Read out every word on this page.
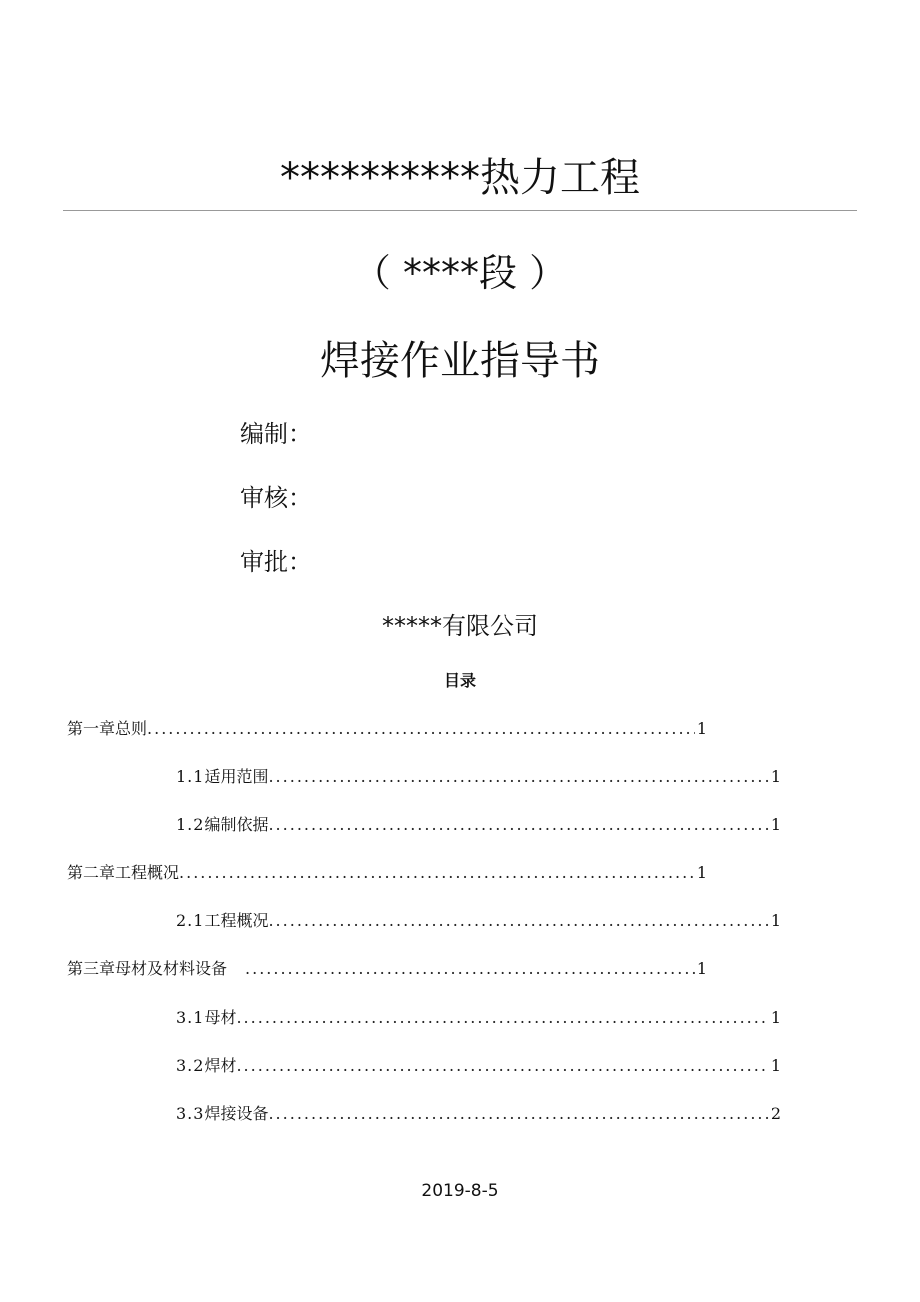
**********热力工程
（ ****段 ）
焊接作业指导书
编制：
审核：
审批：
*****有限公司
目录
第一章总则 .....	1
1.1 适用范围 .....	1
1.2 编制依据 .....	1
第二章工程概况 .....	1
2.1 工程概况 .....	1
第三章母材及材料设备 .....	1
3.1 母材 .....	1
3.2 焊材 .....	1
3.3 焊接设备 .....	2
2019-8-5
